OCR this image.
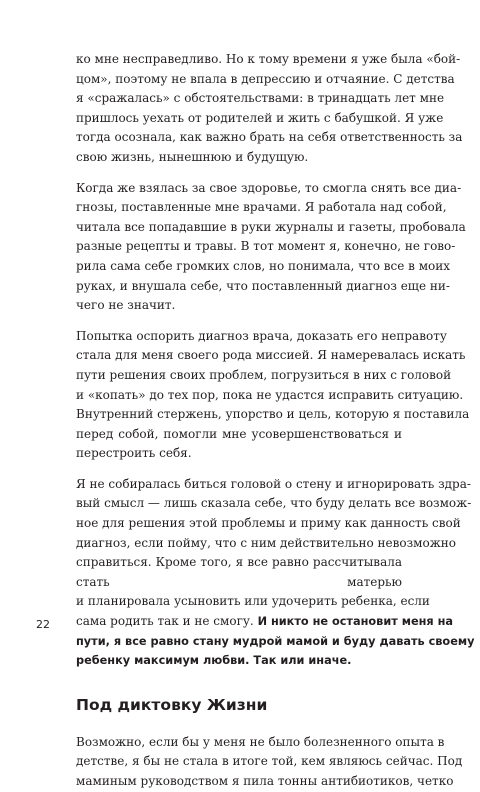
ко мне несправедливо. Но к тому времени я уже была «бой-
цом», поэтому не впала в депрессию и отчаяние. С детства
я «сражалась» с обстоятельствами: в тринадцать лет мне
пришлось уехать от родителей и жить с бабушкой. Я уже
тогда осознала, как важно брать на себя ответственность за
свою жизнь, нынешнюю и будущую.

Когда же взялась за свое здоровье, то смогла снять все диа-
гнозы, поставленные мне врачами. Я работала над собой,
читала все попадавшие в руки журналы и газеты, пробовала
разные рецепты и травы. В тот момент я, конечно, не гово-
рила сама себе громких слов, но понимала, что все в моих
руках, и внушала себе, что поставленный диагноз еще ни-
чего не значит.

Попытка оспорить диагноз врача, доказать его неправоту
стала для меня своего рода миссией. Я намеревалась искать
пути решения своих проблем, погрузиться в них с головой
и «копать» до тех пор, пока не удастся исправить ситуацию.
Внутренний стержень, упорство и цель, которую я поставила
перед собой, помогли мне усовершенствоваться и перестроить себя.

Я не собиралась биться головой о стену и игнорировать здра-
вый смысл — лишь сказала себе, что буду делать все возмож-
ное для решения этой проблемы и приму как данность свой
диагноз, если пойму, что с ним действительно невозможно
справиться. Кроме того, я все равно рассчитывала стать матерью
и планировала усыновить или удочерить ребенка, если
сама родить так и не смогу. И никто не остановит меня на
пути, я все равно стану мудрой мамой и буду давать своему
ребенку максимум любви. Так или иначе.

Под диктовку Жизни

Возможно, если бы у меня не было болезненного опыта в
детстве, я бы не стала в итоге той, кем являюсь сейчас. Под
маминым руководством я пила тонны антибиотиков, четко

22
